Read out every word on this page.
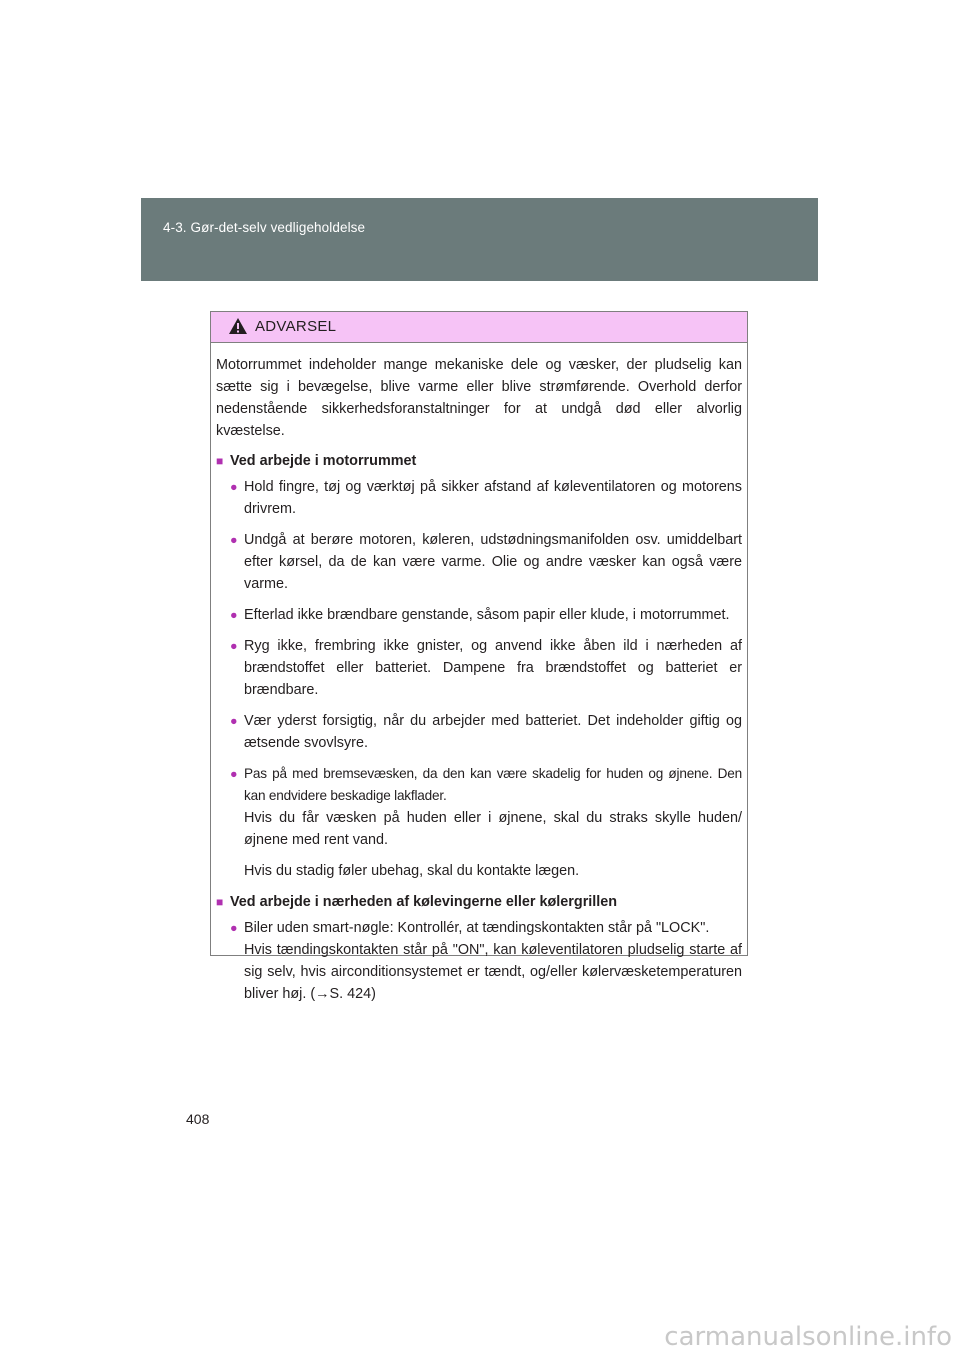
4-3. Gør-det-selv vedligeholdelse
ADVARSEL

Motorrummet indeholder mange mekaniske dele og væsker, der pludselig kan sætte sig i bevægelse, blive varme eller blive strømførende. Overhold derfor nedenstående sikkerhedsforanstaltninger for at undgå død eller alvorlig kvæstelse.

■ Ved arbejde i motorrummet
● Hold fingre, tøj og værktøj på sikker afstand af køleventilatoren og motorens drivrem.
● Undgå at berøre motoren, køleren, udstødningsmanifolden osv. umiddelbart efter kørsel, da de kan være varme. Olie og andre væsker kan også være varme.
● Efterlad ikke brændbare genstande, såsom papir eller klude, i motorrummet.
● Ryg ikke, frembring ikke gnister, og anvend ikke åben ild i nærheden af brændstoffet eller batteriet. Dampene fra brændstoffet og batteriet er brændbare.
● Vær yderst forsigtig, når du arbejder med batteriet. Det indeholder giftig og ætsende svovlsyre.
● Pas på med bremsevæsken, da den kan være skadelig for huden og øjnene. Den kan endvidere beskadige lakflader.
Hvis du får væsken på huden eller i øjnene, skal du straks skylle huden/øjnene med rent vand.
Hvis du stadig føler ubehag, skal du kontakte lægen.
■ Ved arbejde i nærheden af kølevingerne eller kølergrillen
● Biler uden smart-nøgle: Kontrollér, at tændingskontakten står på "LOCK".
Hvis tændingskontakten står på "ON", kan køleventilatoren pludselig starte af sig selv, hvis airconditionsystemet er tændt, og/eller kølervæsketemperaturen bliver høj. (→S. 424)
408
carmanualsonline.info
